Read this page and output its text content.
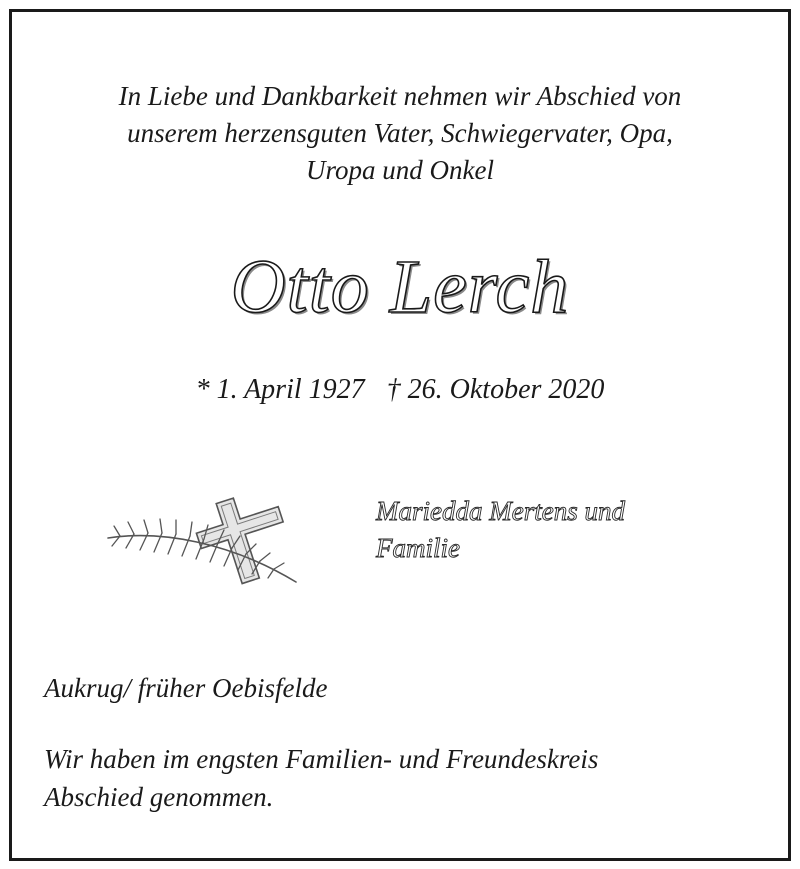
In Liebe und Dankbarkeit nehmen wir Abschied von
unserem herzensguten Vater, Schwiegervater, Opa,
Uropa und Onkel
Otto Lerch
* 1. April 1927 † 26. Oktober 2020
Mariedda Mertens und
Familie
Aukrug/ früher Oebisfelde
Wir haben im engsten Familien- und Freundeskreis
Abschied genommen.
